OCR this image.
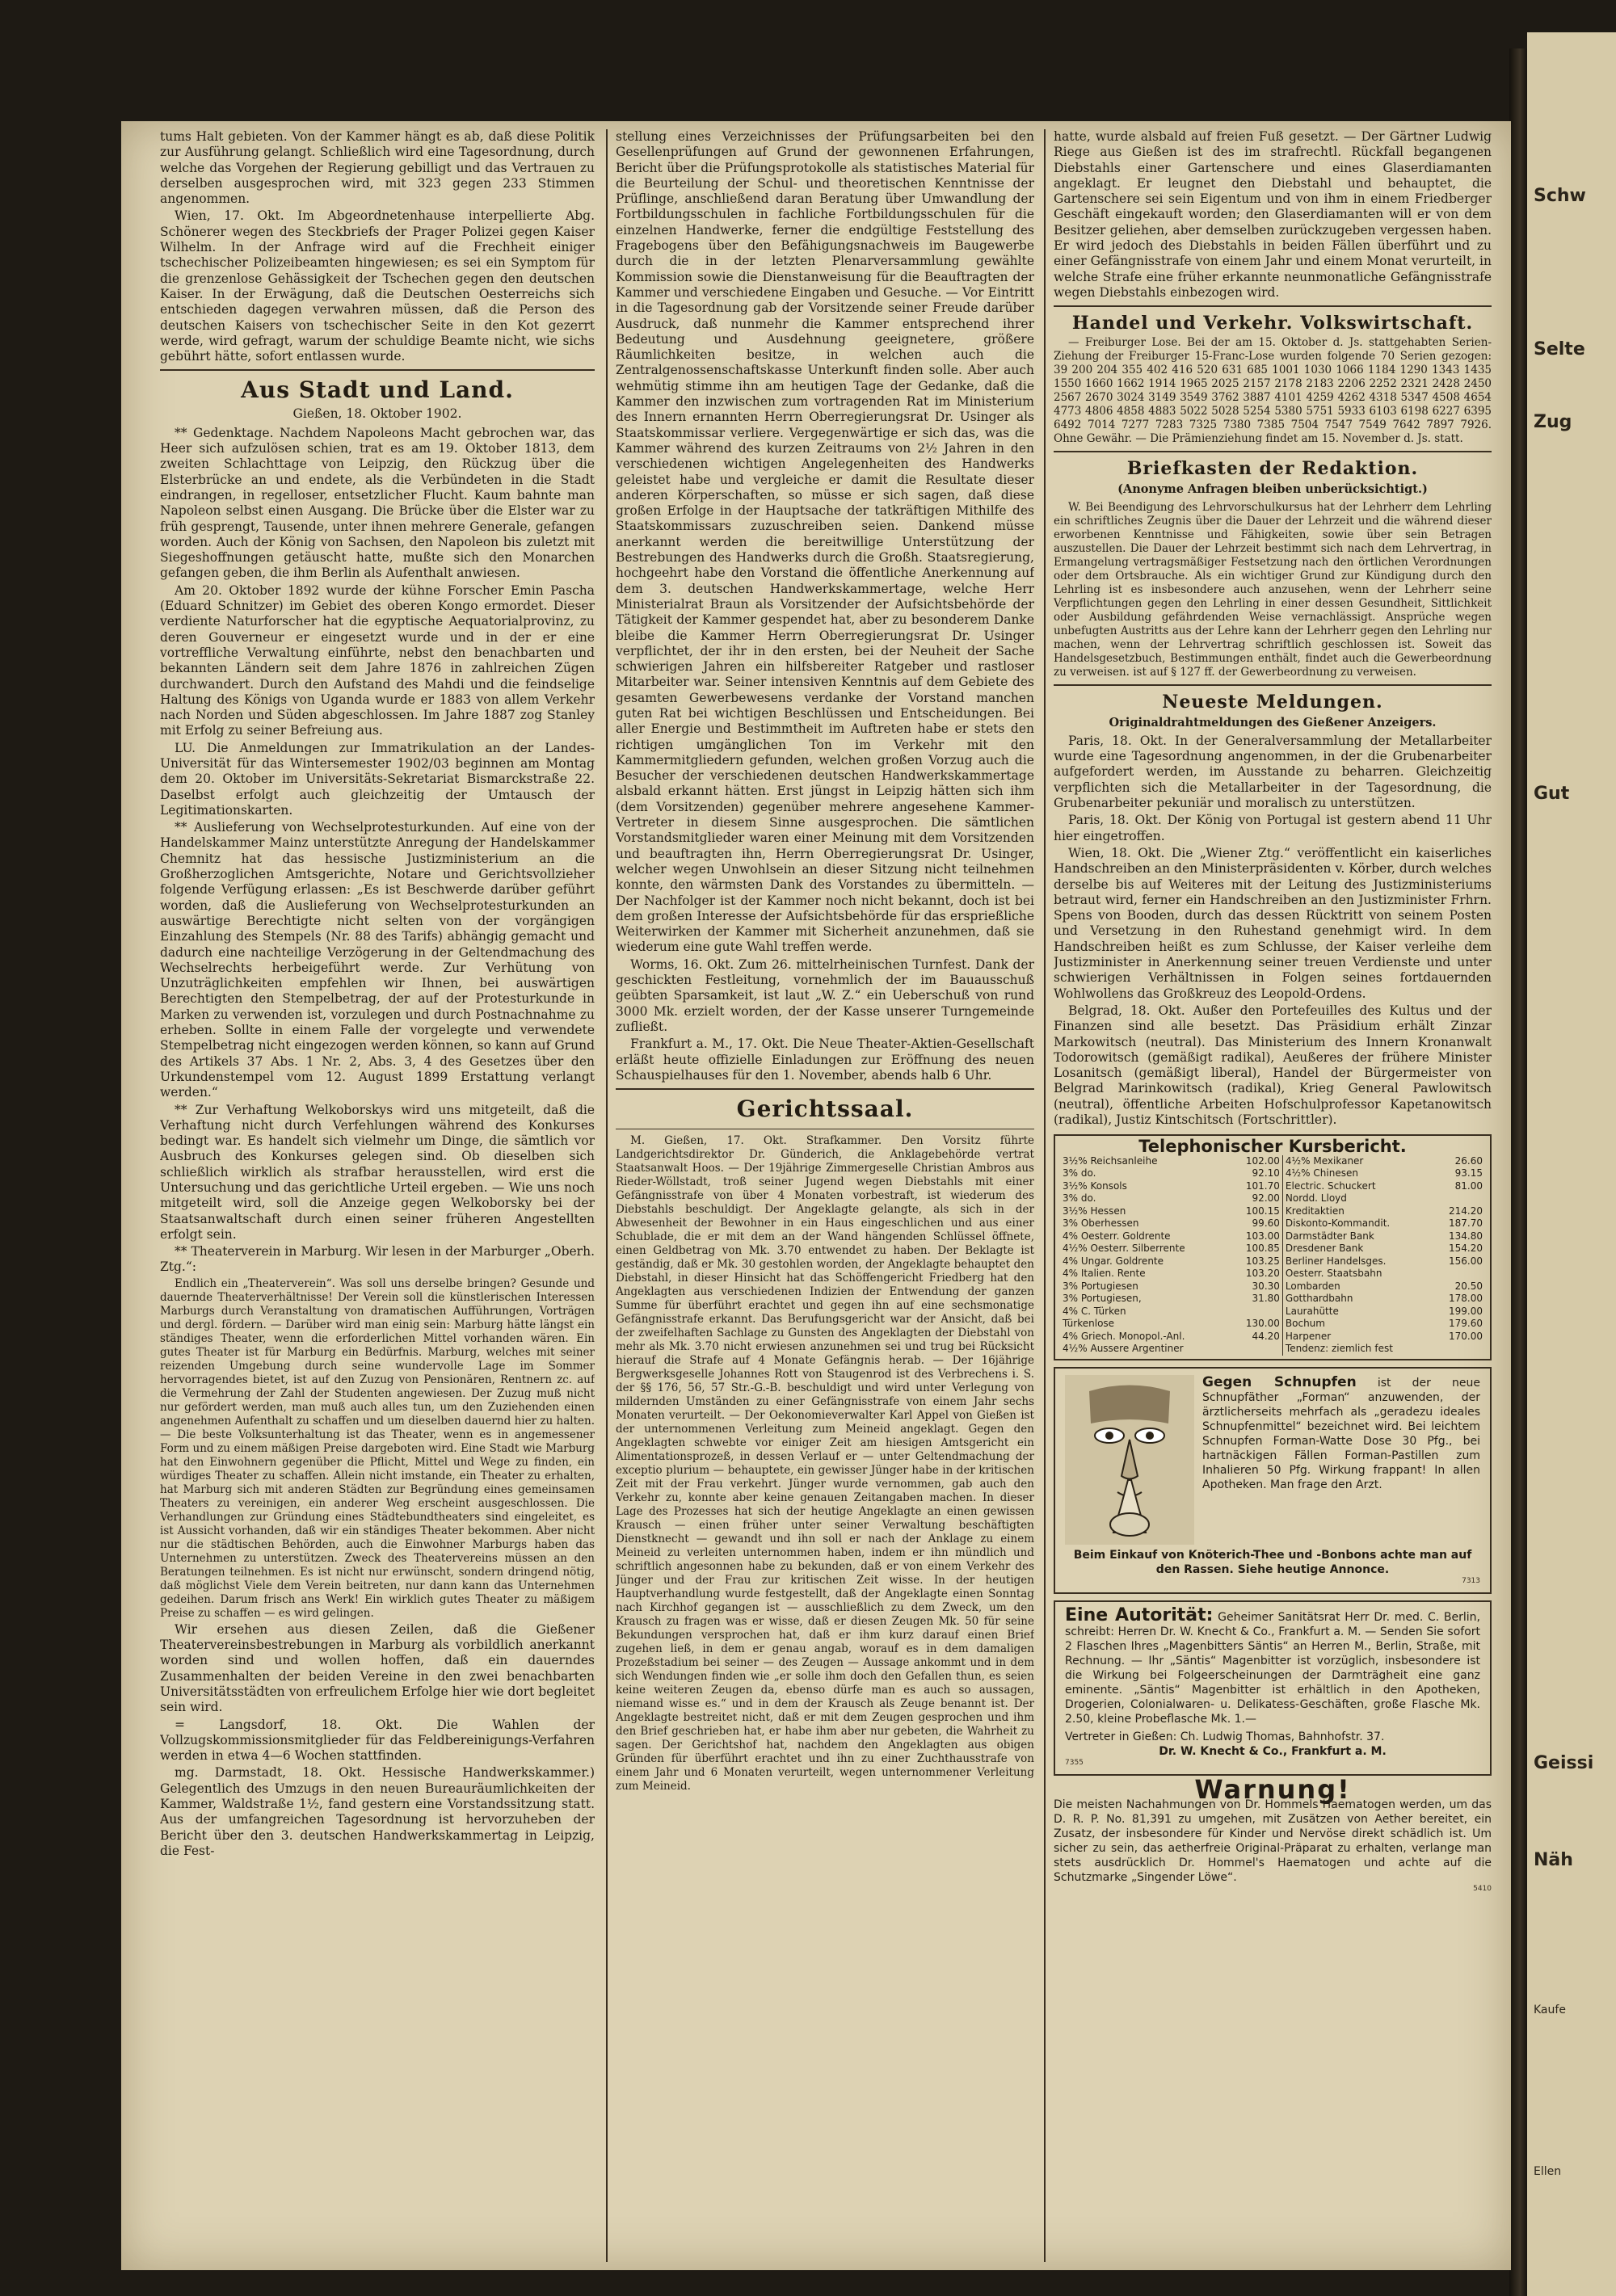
Schw
Selte
Zug
Gut
Geissi
Näh
Kaufe
Ellen

tums Halt gebieten. Von der Kammer hängt es ab, daß diese Politik zur Ausführung gelangt. Schließlich wird eine Tagesordnung, durch welche das Vorgehen der Regierung gebilligt und das Vertrauen zu derselben ausgesprochen wird, mit 323 gegen 233 Stimmen angenommen.

Wien, 17. Okt. Im Abgeordnetenhause interpellierte Abg. Schönerer wegen des Steckbriefs der Prager Polizei gegen Kaiser Wilhelm. In der Anfrage wird auf die Frechheit einiger tschechischer Polizeibeamten hingewiesen; es sei ein Symptom für die grenzenlose Gehässigkeit der Tschechen gegen den deutschen Kaiser. In der Erwägung, daß die Deutschen Oesterreichs sich entschieden dagegen verwahren müssen, daß die Person des deutschen Kaisers von tschechischer Seite in den Kot gezerrt werde, wird gefragt, warum der schuldige Beamte nicht, wie sichs gebührt hätte, sofort entlassen wurde.

Aus Stadt und Land.
Gießen, 18. Oktober 1902.

** Gedenktage. Nachdem Napoleons Macht gebrochen war, das Heer sich aufzulösen schien, trat es am 19. Oktober 1813, dem zweiten Schlachttage von Leipzig, den Rückzug über die Elsterbrücke an und endete, als die Verbündeten in die Stadt eindrangen, in regelloser, entsetzlicher Flucht. Kaum bahnte man Napoleon selbst einen Ausgang. Die Brücke über die Elster war zu früh gesprengt, Tausende, unter ihnen mehrere Generale, gefangen worden. Auch der König von Sachsen, den Napoleon bis zuletzt mit Siegeshoffnungen getäuscht hatte, mußte sich den Monarchen gefangen geben, die ihm Berlin als Aufenthalt anwiesen.

Am 20. Oktober 1892 wurde der kühne Forscher Emin Pascha (Eduard Schnitzer) im Gebiet des oberen Kongo ermordet. Dieser verdiente Naturforscher hat die egyptische Aequatorialprovinz, zu deren Gouverneur er eingesetzt wurde und in der er eine vortreffliche Verwaltung einführte, nebst den benachbarten und bekannten Ländern seit dem Jahre 1876 in zahlreichen Zügen durchwandert. Durch den Aufstand des Mahdi und die feindselige Haltung des Königs von Uganda wurde er 1883 von allem Verkehr nach Norden und Süden abgeschlossen. Im Jahre 1887 zog Stanley mit Erfolg zu seiner Befreiung aus.

LU. Die Anmeldungen zur Immatrikulation an der Landes-Universität für das Wintersemester 1902/03 beginnen am Montag dem 20. Oktober im Universitäts-Sekretariat Bismarckstraße 22. Daselbst erfolgt auch gleichzeitig der Umtausch der Legitimationskarten.

** Auslieferung von Wechselprotesturkunden. Auf eine von der Handelskammer Mainz unterstützte Anregung der Handelskammer Chemnitz hat das hessische Justizministerium an die Großherzoglichen Amtsgerichte, Notare und Gerichtsvollzieher folgende Verfügung erlassen: „Es ist Beschwerde darüber geführt worden, daß die Auslieferung von Wechselprotesturkunden an auswärtige Berechtigte nicht selten von der vorgängigen Einzahlung des Stempels (Nr. 88 des Tarifs) abhängig gemacht und dadurch eine nachteilige Verzögerung in der Geltendmachung des Wechselrechts herbeigeführt werde. Zur Verhütung von Unzuträglichkeiten empfehlen wir Ihnen, bei auswärtigen Berechtigten den Stempelbetrag, der auf der Protesturkunde in Marken zu verwenden ist, vorzulegen und durch Postnachnahme zu erheben. Sollte in einem Falle der vorgelegte und verwendete Stempelbetrag nicht eingezogen werden können, so kann auf Grund des Artikels 37 Abs. 1 Nr. 2, Abs. 3, 4 des Gesetzes über den Urkundenstempel vom 12. August 1899 Erstattung verlangt werden.“

** Zur Verhaftung Welkoborskys wird uns mitgeteilt, daß die Verhaftung nicht durch Verfehlungen während des Konkurses bedingt war. Es handelt sich vielmehr um Dinge, die sämtlich vor Ausbruch des Konkurses gelegen sind. Ob dieselben sich schließlich wirklich als strafbar herausstellen, wird erst die Untersuchung und das gerichtliche Urteil ergeben. — Wie uns noch mitgeteilt wird, soll die Anzeige gegen Welkoborsky bei der Staatsanwaltschaft durch einen seiner früheren Angestellten erfolgt sein.

** Theaterverein in Marburg. Wir lesen in der Marburger „Oberh. Ztg.“:

Endlich ein „Theaterverein“. Was soll uns derselbe bringen? Gesunde und dauernde Theaterverhältnisse! Der Verein soll die künstlerischen Interessen Marburgs durch Veranstaltung von dramatischen Aufführungen, Vorträgen und dergl. fördern. — Darüber wird man einig sein: Marburg hätte längst ein ständiges Theater, wenn die erforderlichen Mittel vorhanden wären. Ein gutes Theater ist für Marburg ein Bedürfnis. Marburg, welches mit seiner reizenden Umgebung durch seine wundervolle Lage im Sommer hervorragendes bietet, ist auf den Zuzug von Pensionären, Rentnern zc. auf die Vermehrung der Zahl der Studenten angewiesen. Der Zuzug muß nicht nur gefördert werden, man muß auch alles tun, um den Zuziehenden einen angenehmen Aufenthalt zu schaffen und um dieselben dauernd hier zu halten. — Die beste Volksunterhaltung ist das Theater, wenn es in angemessener Form und zu einem mäßigen Preise dargeboten wird. Eine Stadt wie Marburg hat den Einwohnern gegenüber die Pflicht, Mittel und Wege zu finden, ein würdiges Theater zu schaffen. Allein nicht imstande, ein Theater zu erhalten, hat Marburg sich mit anderen Städten zur Begründung eines gemeinsamen Theaters zu vereinigen, ein anderer Weg erscheint ausgeschlossen. Die Verhandlungen zur Gründung eines Städtebundtheaters sind eingeleitet, es ist Aussicht vorhanden, daß wir ein ständiges Theater bekommen. Aber nicht nur die städtischen Behörden, auch die Einwohner Marburgs haben das Unternehmen zu unterstützen. Zweck des Theatervereins müssen an den Beratungen teilnehmen. Es ist nicht nur erwünscht, sondern dringend nötig, daß möglichst Viele dem Verein beitreten, nur dann kann das Unternehmen gedeihen. Darum frisch ans Werk! Ein wirklich gutes Theater zu mäßigem Preise zu schaffen — es wird gelingen.

Wir ersehen aus diesen Zeilen, daß die Gießener Theatervereinsbestrebungen in Marburg als vorbildlich anerkannt worden sind und wollen hoffen, daß ein dauerndes Zusammenhalten der beiden Vereine in den zwei benachbarten Universitätsstädten von erfreulichem Erfolge hier wie dort begleitet sein wird.

= Langsdorf, 18. Okt. Die Wahlen der Vollzugskommissionsmitglieder für das Feldbereinigungs-Verfahren werden in etwa 4—6 Wochen stattfinden.

mg. Darmstadt, 18. Okt. Hessische Handwerkskammer.) Gelegentlich des Umzugs in den neuen Bureauräumlichkeiten der Kammer, Waldstraße 1½, fand gestern eine Vorstandssitzung statt. Aus der umfangreichen Tagesordnung ist hervorzuheben der Bericht über den 3. deutschen Handwerkskammertag in Leipzig, die Fest-

stellung eines Verzeichnisses der Prüfungsarbeiten bei den Gesellenprüfungen auf Grund der gewonnenen Erfahrungen, Bericht über die Prüfungsprotokolle als statistisches Material für die Beurteilung der Schul- und theoretischen Kenntnisse der Prüflinge, anschließend daran Beratung über Umwandlung der Fortbildungsschulen in fachliche Fortbildungsschulen für die einzelnen Handwerke, ferner die endgültige Feststellung des Fragebogens über den Befähigungsnachweis im Baugewerbe durch die in der letzten Plenarversammlung gewählte Kommission sowie die Dienstanweisung für die Beauftragten der Kammer und verschiedene Eingaben und Gesuche. — Vor Eintritt in die Tagesordnung gab der Vorsitzende seiner Freude darüber Ausdruck, daß nunmehr die Kammer entsprechend ihrer Bedeutung und Ausdehnung geeignetere, größere Räumlichkeiten besitze, in welchen auch die Zentralgenossenschaftskasse Unterkunft finden solle. Aber auch wehmütig stimme ihn am heutigen Tage der Gedanke, daß die Kammer den inzwischen zum vortragenden Rat im Ministerium des Innern ernannten Herrn Oberregierungsrat Dr. Usinger als Staatskommissar verliere. Vergegenwärtige er sich das, was die Kammer während des kurzen Zeitraums von 2½ Jahren in den verschiedenen wichtigen Angelegenheiten des Handwerks geleistet habe und vergleiche er damit die Resultate dieser anderen Körperschaften, so müsse er sich sagen, daß diese großen Erfolge in der Hauptsache der tatkräftigen Mithilfe des Staatskommissars zuzuschreiben seien. Dankend müsse anerkannt werden die bereitwillige Unterstützung der Bestrebungen des Handwerks durch die Großh. Staatsregierung, hochgeehrt habe den Vorstand die öffentliche Anerkennung auf dem 3. deutschen Handwerkskammertage, welche Herr Ministerialrat Braun als Vorsitzender der Aufsichtsbehörde der Tätigkeit der Kammer gespendet hat, aber zu besonderem Danke bleibe die Kammer Herrn Oberregierungsrat Dr. Usinger verpflichtet, der ihr in den ersten, bei der Neuheit der Sache schwierigen Jahren ein hilfsbereiter Ratgeber und rastloser Mitarbeiter war. Seiner intensiven Kenntnis auf dem Gebiete des gesamten Gewerbewesens verdanke der Vorstand manchen guten Rat bei wichtigen Beschlüssen und Entscheidungen. Bei aller Energie und Bestimmtheit im Auftreten habe er stets den richtigen umgänglichen Ton im Verkehr mit den Kammermitgliedern gefunden, welchen großen Vorzug auch die Besucher der verschiedenen deutschen Handwerkskammertage alsbald erkannt hätten. Erst jüngst in Leipzig hätten sich ihm (dem Vorsitzenden) gegenüber mehrere angesehene Kammer-Vertreter in diesem Sinne ausgesprochen. Die sämtlichen Vorstandsmitglieder waren einer Meinung mit dem Vorsitzenden und beauftragten ihn, Herrn Oberregierungsrat Dr. Usinger, welcher wegen Unwohlsein an dieser Sitzung nicht teilnehmen konnte, den wärmsten Dank des Vorstandes zu übermitteln. — Der Nachfolger ist der Kammer noch nicht bekannt, doch ist bei dem großen Interesse der Aufsichtsbehörde für das ersprießliche Weiterwirken der Kammer mit Sicherheit anzunehmen, daß sie wiederum eine gute Wahl treffen werde.

Worms, 16. Okt. Zum 26. mittelrheinischen Turnfest. Dank der geschickten Festleitung, vornehmlich der im Bauausschuß geübten Sparsamkeit, ist laut „W. Z.“ ein Ueberschuß von rund 3000 Mk. erzielt worden, der der Kasse unserer Turngemeinde zufließt.

Frankfurt a. M., 17. Okt. Die Neue Theater-Aktien-Gesellschaft erläßt heute offizielle Einladungen zur Eröffnung des neuen Schauspielhauses für den 1. November, abends halb 6 Uhr.

Gerichtssaal.

M. Gießen, 17. Okt. Strafkammer. Den Vorsitz führte Landgerichtsdirektor Dr. Günderich, die Anklagebehörde vertrat Staatsanwalt Hoos. — Der 19jährige Zimmergeselle Christian Ambros aus Rieder-Wöllstadt, troß seiner Jugend wegen Diebstahls mit einer Gefängnisstrafe von über 4 Monaten vorbestraft, ist wiederum des Diebstahls beschuldigt. Der Angeklagte gelangte, als sich in der Abwesenheit der Bewohner in ein Haus eingeschlichen und aus einer Schublade, die er mit dem an der Wand hängenden Schlüssel öffnete, einen Geldbetrag von Mk. 3.70 entwendet zu haben. Der Beklagte ist geständig, daß er Mk. 30 gestohlen worden, der Angeklagte behauptet den Diebstahl, in dieser Hinsicht hat das Schöffengericht Friedberg hat den Angeklagten aus verschiedenen Indizien der Entwendung der ganzen Summe für überführt erachtet und gegen ihn auf eine sechsmonatige Gefängnisstrafe erkannt. Das Berufungsgericht war der Ansicht, daß bei der zweifelhaften Sachlage zu Gunsten des Angeklagten der Diebstahl von mehr als Mk. 3.70 nicht erwiesen anzunehmen sei und trug bei Rücksicht hierauf die Strafe auf 4 Monate Gefängnis herab. — Der 16jährige Bergwerksgeselle Johannes Rott von Staugenrod ist des Verbrechens i. S. der §§ 176, 56, 57 Str.-G.-B. beschuldigt und wird unter Verlegung von mildernden Umständen zu einer Gefängnisstrafe von einem Jahr sechs Monaten verurteilt. — Der Oekonomieverwalter Karl Appel von Gießen ist der unternommenen Verleitung zum Meineid angeklagt. Gegen den Angeklagten schwebte vor einiger Zeit am hiesigen Amtsgericht ein Alimentationsprozeß, in dessen Verlauf er — unter Geltendmachung der exceptio plurium — behauptete, ein gewisser Jünger habe in der kritischen Zeit mit der Frau verkehrt. Jünger wurde vernommen, gab auch den Verkehr zu, konnte aber keine genauen Zeitangaben machen. In dieser Lage des Prozesses hat sich der heutige Angeklagte an einen gewissen Krausch — einen früher unter seiner Verwaltung beschäftigten Dienstknecht — gewandt und ihn soll er nach der Anklage zu einem Meineid zu verleiten unternommen haben, indem er ihn mündlich und schriftlich angesonnen habe zu bekunden, daß er von einem Verkehr des Jünger und der Frau zur kritischen Zeit wisse. In der heutigen Hauptverhandlung wurde festgestellt, daß der Angeklagte einen Sonntag nach Kirchhof gegangen ist — ausschließlich zu dem Zweck, um den Krausch zu fragen was er wisse, daß er diesen Zeugen Mk. 50 für seine Bekundungen versprochen hat, daß er ihm kurz darauf einen Brief zugehen ließ, in dem er genau angab, worauf es in dem damaligen Prozeßstadium bei seiner — des Zeugen — Aussage ankommt und in dem sich Wendungen finden wie „er solle ihm doch den Gefallen thun, es seien keine weiteren Zeugen da, ebenso dürfe man es auch so aussagen, niemand wisse es.“ und in dem der Krausch als Zeuge benannt ist. Der Angeklagte bestreitet nicht, daß er mit dem Zeugen gesprochen und ihm den Brief geschrieben hat, er habe ihm aber nur gebeten, die Wahrheit zu sagen. Der Gerichtshof hat, nachdem den Angeklagten aus obigen Gründen für überführt erachtet und ihn zu einer Zuchthausstrafe von einem Jahr und 6 Monaten verurteilt, wegen unternommener Verleitung zum Meineid.

hatte, wurde alsbald auf freien Fuß gesetzt. — Der Gärtner Ludwig Riege aus Gießen ist des im strafrechtl. Rückfall begangenen Diebstahls einer Gartenschere und eines Glaserdiamanten angeklagt. Er leugnet den Diebstahl und behauptet, die Gartenschere sei sein Eigentum und von ihm in einem Friedberger Geschäft eingekauft worden; den Glaserdiamanten will er von dem Besitzer geliehen, aber demselben zurückzugeben vergessen haben. Er wird jedoch des Diebstahls in beiden Fällen überführt und zu einer Gefängnisstrafe von einem Jahr und einem Monat verurteilt, in welche Strafe eine früher erkannte neunmonatliche Gefängnisstrafe wegen Diebstahls einbezogen wird.

Handel und Verkehr. Volkswirtschaft.

— Freiburger Lose. Bei der am 15. Oktober d. Js. stattgehabten Serien-Ziehung der Freiburger 15-Franc-Lose wurden folgende 70 Serien gezogen: 39 200 204 355 402 416 520 631 685 1001 1030 1066 1184 1290 1343 1435 1550 1660 1662 1914 1965 2025 2157 2178 2183 2206 2252 2321 2428 2450 2567 2670 3024 3149 3549 3762 3887 4101 4259 4262 4318 5347 4508 4654 4773 4806 4858 4883 5022 5028 5254 5380 5751 5933 6103 6198 6227 6395 6492 7014 7277 7283 7325 7380 7385 7504 7547 7549 7642 7897 7926. Ohne Gewähr. — Die Prämienziehung findet am 15. November d. Js. statt.

Briefkasten der Redaktion.
(Anonyme Anfragen bleiben unberücksichtigt.)

W. Bei Beendigung des Lehrvorschulkursus hat der Lehrherr dem Lehrling ein schriftliches Zeugnis über die Dauer der Lehrzeit und die während dieser erworbenen Kenntnisse und Fähigkeiten, sowie über sein Betragen auszustellen. Die Dauer der Lehrzeit bestimmt sich nach dem Lehrvertrag, in Ermangelung vertragsmäßiger Festsetzung nach den örtlichen Verordnungen oder dem Ortsbrauche. Als ein wichtiger Grund zur Kündigung durch den Lehrling ist es insbesondere auch anzusehen, wenn der Lehrherr seine Verpflichtungen gegen den Lehrling in einer dessen Gesundheit, Sittlichkeit oder Ausbildung gefährdenden Weise vernachlässigt. Ansprüche wegen unbefugten Austritts aus der Lehre kann der Lehrherr gegen den Lehrling nur machen, wenn der Lehrvertrag schriftlich geschlossen ist. Soweit das Handelsgesetzbuch, Bestimmungen enthält, findet auch die Gewerbeordnung zu verweisen. ist auf § 127 ff. der Gewerbeordnung zu verweisen.

Neueste Meldungen.
Originaldrahtmeldungen des Gießener Anzeigers.

Paris, 18. Okt. In der Generalversammlung der Metallarbeiter wurde eine Tagesordnung angenommen, in der die Grubenarbeiter aufgefordert werden, im Ausstande zu beharren. Gleichzeitig verpflichten sich die Metallarbeiter in der Tagesordnung, die Grubenarbeiter pekuniär und moralisch zu unterstützen.

Paris, 18. Okt. Der König von Portugal ist gestern abend 11 Uhr hier eingetroffen.

Wien, 18. Okt. Die „Wiener Ztg.“ veröffentlicht ein kaiserliches Handschreiben an den Ministerpräsidenten v. Körber, durch welches derselbe bis auf Weiteres mit der Leitung des Justizministeriums betraut wird, ferner ein Handschreiben an den Justizminister Frhrn. Spens von Booden, durch das dessen Rücktritt von seinem Posten und Versetzung in den Ruhestand genehmigt wird. In dem Handschreiben heißt es zum Schlusse, der Kaiser verleihe dem Justizminister in Anerkennung seiner treuen Verdienste und unter schwierigen Verhältnissen in Folgen seines fortdauernden Wohlwollens das Großkreuz des Leopold-Ordens.

Belgrad, 18. Okt. Außer den Portefeuilles des Kultus und der Finanzen sind alle besetzt. Das Präsidium erhält Zinzar Markowitsch (neutral). Das Ministerium des Innern Kronanwalt Todorowitsch (gemäßigt radikal), Aeußeres der frühere Minister Losanitsch (gemäßigt liberal), Handel der Bürgermeister von Belgrad Marinkowitsch (radikal), Krieg General Pawlowitsch (neutral), öffentliche Arbeiten Hofschulprofessor Kapetanowitsch (radikal), Justiz Kintschitsch (Fortschrittler).

Telephonischer Kursbericht.
3½% Reichsanleihe	102.00	4½% Mexikaner	26.60
3% do.	92.10	4½% Chinesen	93.15
3½% Konsols	101.70	Electric. Schuckert	81.00
3% do.	92.00	Nordd. Lloyd	
3½% Hessen	100.15	Kreditaktien	214.20
3% Oberhessen	99.60	Diskonto-Kommandit.	187.70
4% Oesterr. Goldrente	103.00	Darmstädter Bank	134.80
4½% Oesterr. Silberrente	100.85	Dresdener Bank	154.20
4% Ungar. Goldrente	103.25	Berliner Handelsges.	156.00
4% Italien. Rente	103.20	Oesterr. Staatsbahn	
3% Portugiesen	30.30	Lombarden	20.50
3% Portugiesen,	31.80	Gotthardbahn	178.00
4% C. Türken		Laurahütte	199.00
Türkenlose	130.00	Bochum	179.60
4% Griech. Monopol.-Anl.	44.20	Harpener	170.00
4½% Aussere Argentiner		Tendenz: ziemlich fest	
Gegen Schnupfen ist der neue Schnupfäther „Forman“ anzuwenden, der ärztlicherseits mehrfach als „geradezu ideales Schnupfenmittel“ bezeichnet wird. Bei leichtem Schnupfen Forman-Watte Dose 30 Pfg., bei hartnäckigen Fällen Forman-Pastillen zum Inhalieren 50 Pfg. Wirkung frappant! In allen Apotheken. Man frage den Arzt.
Beim Einkauf von Knöterich-Thee und -Bonbons achte man auf den Rassen. Siehe heutige Annonce.
7313
Eine Autorität: Geheimer Sanitätsrat Herr Dr. med. C. Berlin, schreibt: Herren Dr. W. Knecht & Co., Frankfurt a. M. — Senden Sie sofort 2 Flaschen Ihres „Magenbitters Säntis“ an Herren M., Berlin, Straße, mit Rechnung. — Ihr „Säntis“ Magenbitter ist vorzüglich, insbesondere ist die Wirkung bei Folgeerscheinungen der Darmträgheit eine ganz eminente. „Säntis“ Magenbitter ist erhältlich in den Apotheken, Drogerien, Colonialwaren- u. Delikatess-Geschäften, große Flasche Mk. 2.50, kleine Probeflasche Mk. 1.—
Vertreter in Gießen: Ch. Ludwig Thomas, Bahnhofstr. 37.
Dr. W. Knecht & Co., Frankfurt a. M.
7355
Warnung!
Die meisten Nachahmungen von Dr. Hommels Haematogen werden, um das D. R. P. No. 81,391 zu umgehen, mit Zusätzen von Aether bereitet, ein Zusatz, der insbesondere für Kinder und Nervöse direkt schädlich ist. Um sicher zu sein, das aetherfreie Original-Präparat zu erhalten, verlange man stets ausdrücklich Dr. Hommel's Haematogen und achte auf die Schutzmarke „Singender Löwe“.
5410
